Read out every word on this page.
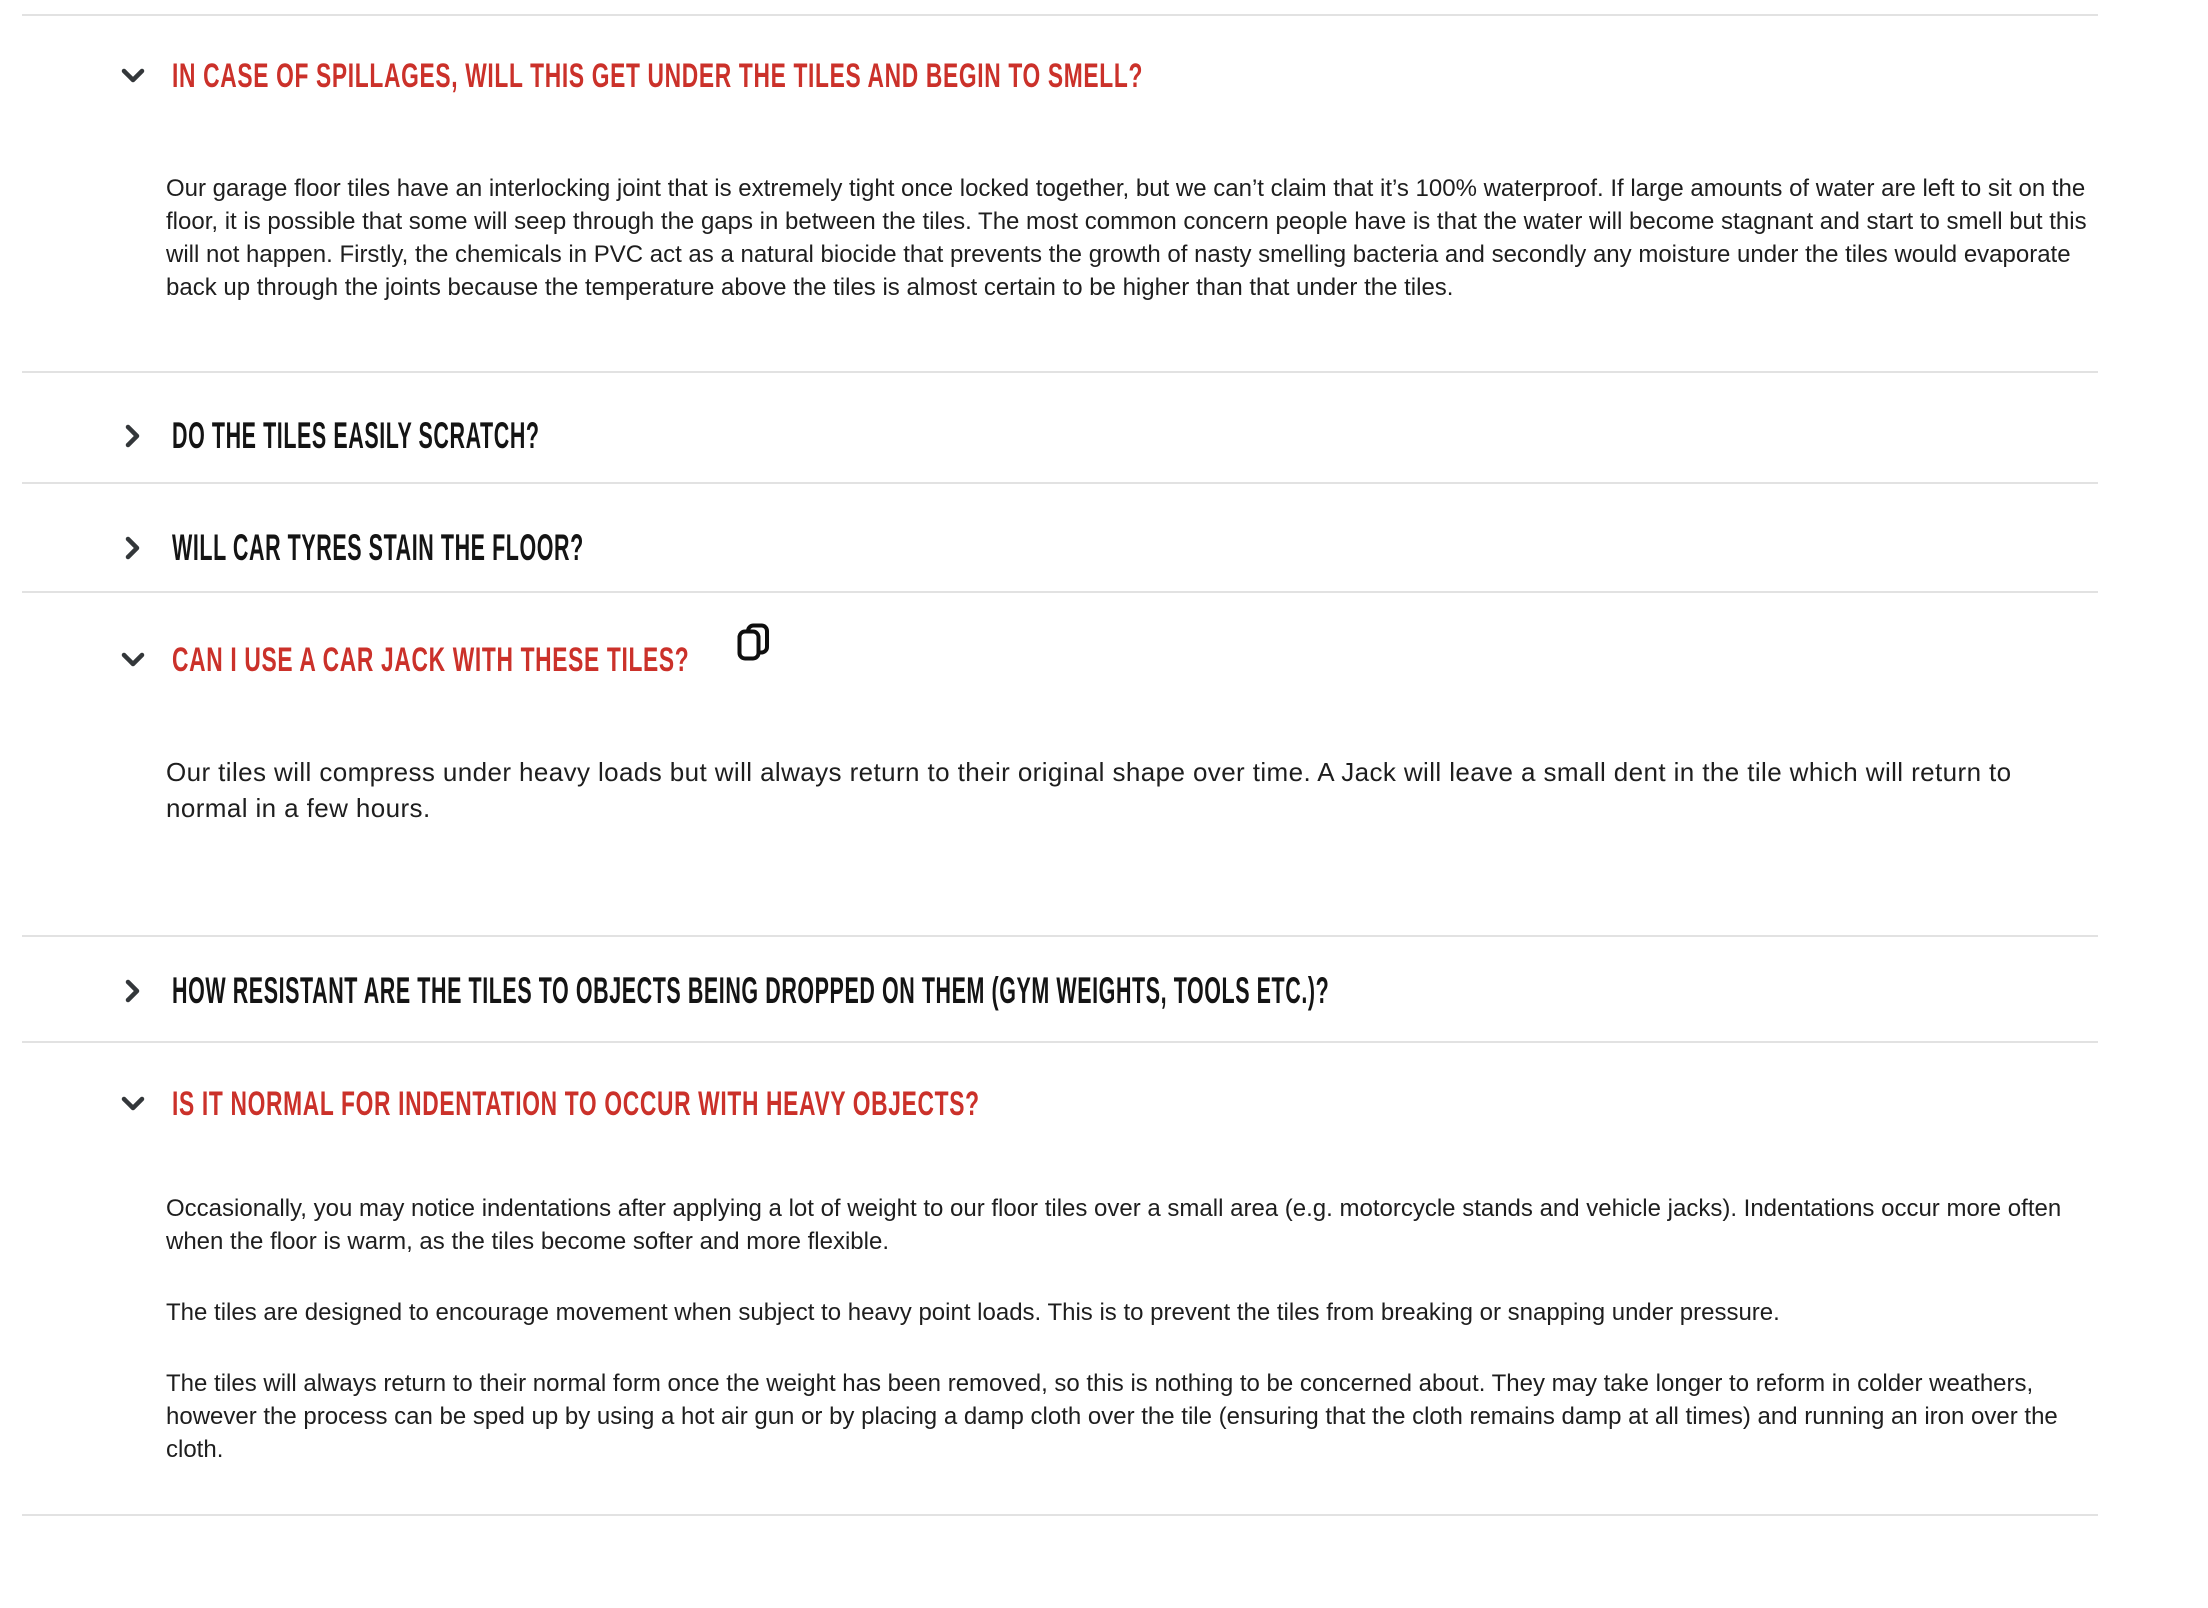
IN CASE OF SPILLAGES, WILL THIS GET UNDER THE TILES AND BEGIN TO SMELL?

Our garage floor tiles have an interlocking joint that is extremely tight once locked together, but we can’t claim that it’s 100% waterproof. If large amounts of water are left to sit on the floor, it is possible that some will seep through the gaps in between the tiles. The most common concern people have is that the water will become stagnant and start to smell but this will not happen. Firstly, the chemicals in PVC act as a natural biocide that prevents the growth of nasty smelling bacteria and secondly any moisture under the tiles would evaporate back up through the joints because the temperature above the tiles is almost certain to be higher than that under the tiles.

DO THE TILES EASILY SCRATCH?
WILL CAR TYRES STAIN THE FLOOR?
CAN I USE A CAR JACK WITH THESE TILES?

Our tiles will compress under heavy loads but will always return to their original shape over time. A Jack will leave a small dent in the tile which will return to normal in a few hours.

HOW RESISTANT ARE THE TILES TO OBJECTS BEING DROPPED ON THEM (GYM WEIGHTS, TOOLS ETC.)?
IS IT NORMAL FOR INDENTATION TO OCCUR WITH HEAVY OBJECTS?

Occasionally, you may notice indentations after applying a lot of weight to our floor tiles over a small area (e.g. motorcycle stands and vehicle jacks). Indentations occur more often when the floor is warm, as the tiles become softer and more flexible.

The tiles are designed to encourage movement when subject to heavy point loads. This is to prevent the tiles from breaking or snapping under pressure.

The tiles will always return to their normal form once the weight has been removed, so this is nothing to be concerned about. They may take longer to reform in colder weathers, however the process can be sped up by using a hot air gun or by placing a damp cloth over the tile (ensuring that the cloth remains damp at all times) and running an iron over the cloth.
